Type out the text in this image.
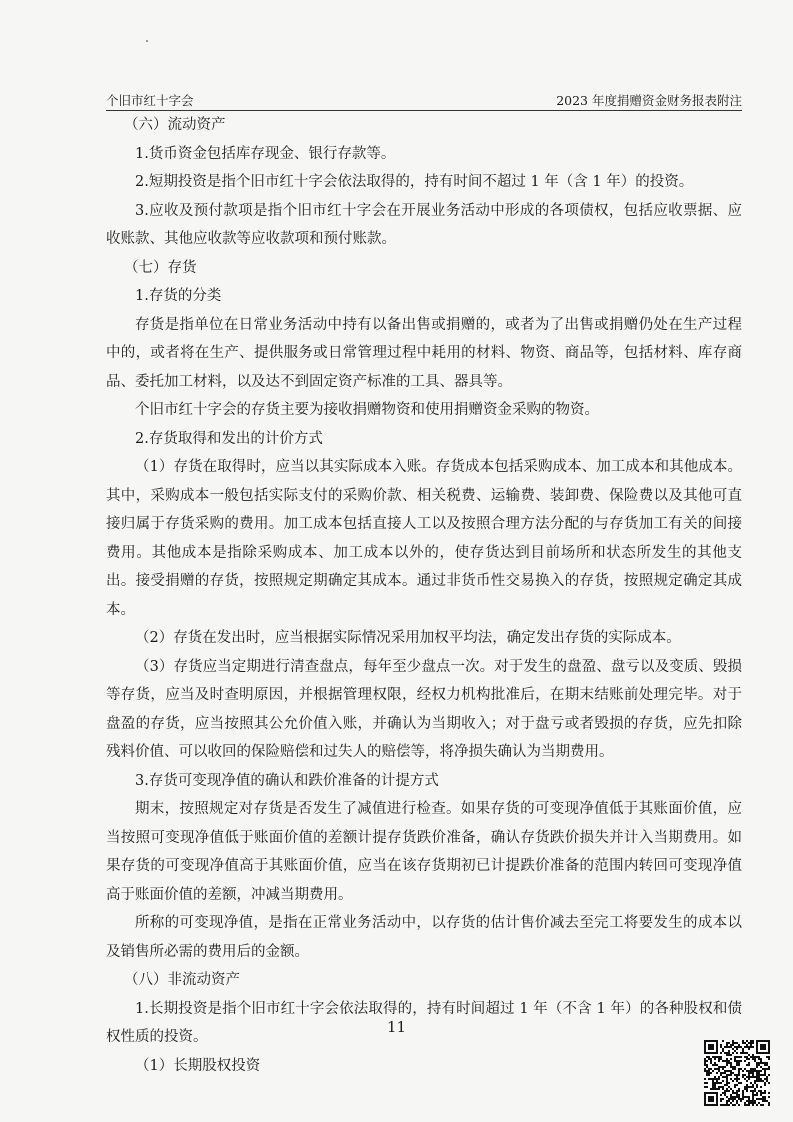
个旧市红十字会	2023 年度捐赠资金财务报表附注

（六）流动资产

1.货币资金包括库存现金、银行存款等。

2.短期投资是指个旧市红十字会依法取得的，持有时间不超过 1 年（含 1 年）的投资。

3.应收及预付款项是指个旧市红十字会在开展业务活动中形成的各项债权，包括应收票据、应收账款、其他应收款等应收款项和预付账款。

（七）存货

1.存货的分类

存货是指单位在日常业务活动中持有以备出售或捐赠的，或者为了出售或捐赠仍处在生产过程中的，或者将在生产、提供服务或日常管理过程中耗用的材料、物资、商品等，包括材料、库存商品、委托加工材料，以及达不到固定资产标准的工具、器具等。

个旧市红十字会的存货主要为接收捐赠物资和使用捐赠资金采购的物资。

2.存货取得和发出的计价方式

（1）存货在取得时，应当以其实际成本入账。存货成本包括采购成本、加工成本和其他成本。其中，采购成本一般包括实际支付的采购价款、相关税费、运输费、装卸费、保险费以及其他可直接归属于存货采购的费用。加工成本包括直接人工以及按照合理方法分配的与存货加工有关的间接费用。其他成本是指除采购成本、加工成本以外的，使存货达到目前场所和状态所发生的其他支出。接受捐赠的存货，按照规定期确定其成本。通过非货币性交易换入的存货，按照规定确定其成本。

（2）存货在发出时，应当根据实际情况采用加权平均法，确定发出存货的实际成本。

（3）存货应当定期进行清查盘点，每年至少盘点一次。对于发生的盘盈、盘亏以及变质、毁损等存货，应当及时查明原因，并根据管理权限，经权力机构批准后，在期末结账前处理完毕。对于盘盈的存货，应当按照其公允价值入账，并确认为当期收入；对于盘亏或者毁损的存货，应先扣除残料价值、可以收回的保险赔偿和过失人的赔偿等，将净损失确认为当期费用。

3.存货可变现净值的确认和跌价准备的计提方式

期末，按照规定对存货是否发生了减值进行检查。如果存货的可变现净值低于其账面价值，应当按照可变现净值低于账面价值的差额计提存货跌价准备，确认存货跌价损失并计入当期费用。如果存货的可变现净值高于其账面价值，应当在该存货期初已计提跌价准备的范围内转回可变现净值高于账面价值的差额，冲减当期费用。

所称的可变现净值，是指在正常业务活动中，以存货的估计售价减去至完工将要发生的成本以及销售所必需的费用后的金额。

（八）非流动资产

1.长期投资是指个旧市红十字会依法取得的，持有时间超过 1 年（不含 1 年）的各种股权和债权性质的投资。

（1）长期股权投资

11
